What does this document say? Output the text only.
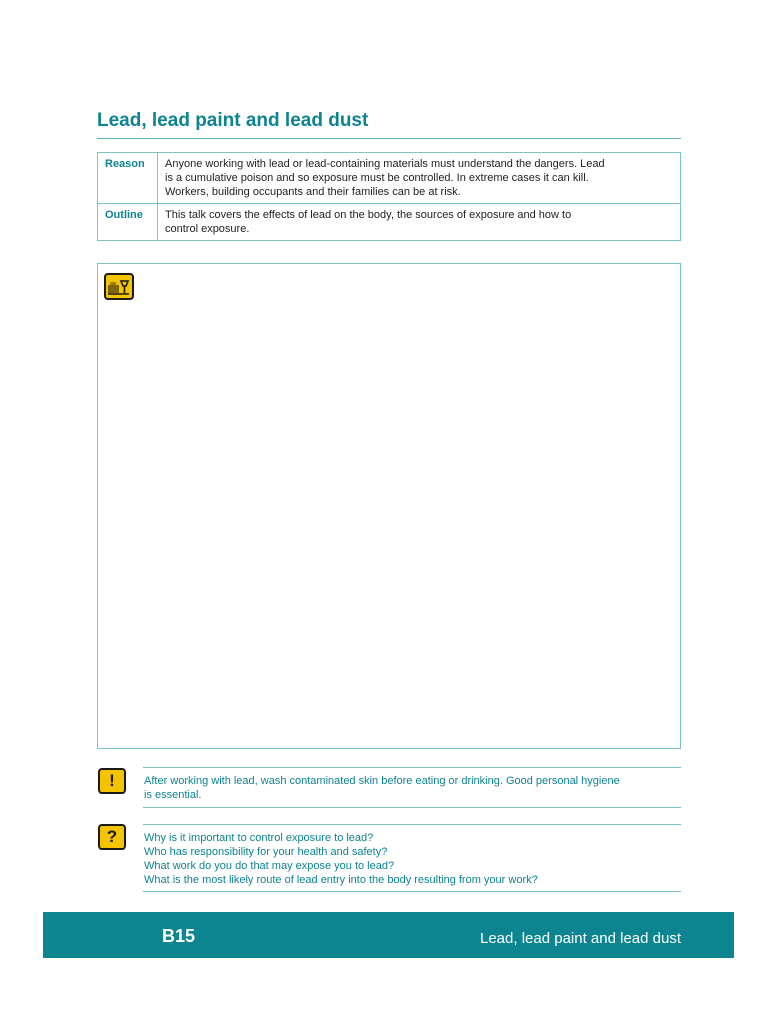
Lead, lead paint and lead dust
Reason	Anyone working with lead or lead-containing materials must understand the dangers. Lead
is a cumulative poison and so exposure must be controlled. In extreme cases it can kill.
Workers, building occupants and their families can be at risk.
Outline	This talk covers the effects of lead on the body, the sources of exposure and how to
control exposure.
!	After working with lead, wash contaminated skin before eating or drinking. Good personal hygiene
is essential.
?	Why is it important to control exposure to lead?
Who has responsibility for your health and safety?
What work do you do that may expose you to lead?
What is the most likely route of lead entry into the body resulting from your work?
B15	Lead, lead paint and lead dust
